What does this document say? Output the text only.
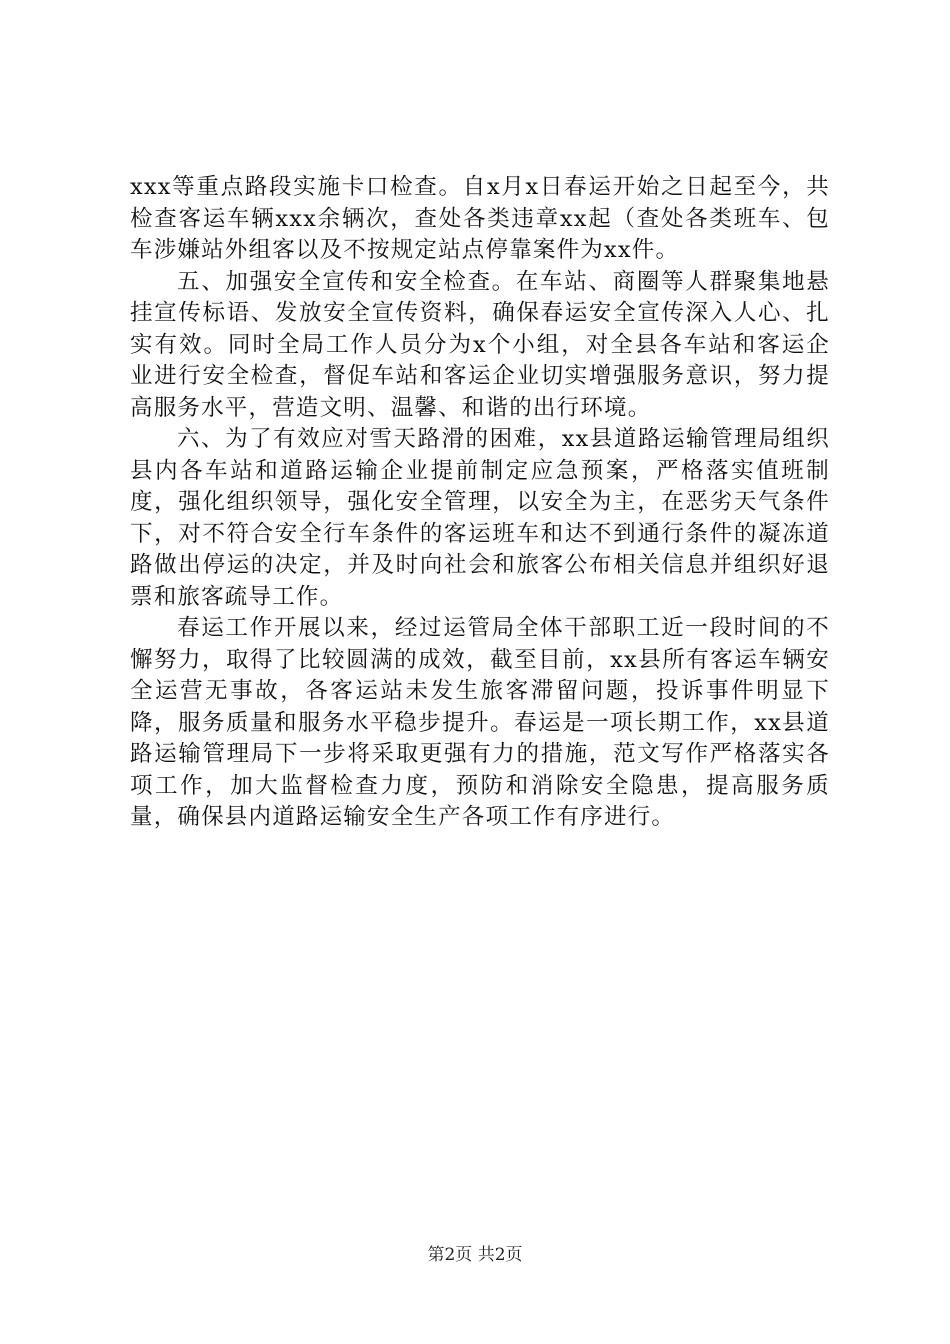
xxx等重点路段实施卡口检查。自x月x日春运开始之日起至今，共检查客运车辆xxx余辆次，查处各类违章xx起（查处各类班车、包车涉嫌站外组客以及不按规定站点停靠案件为xx件。

五、加强安全宣传和安全检查。在车站、商圈等人群聚集地悬挂宣传标语、发放安全宣传资料，确保春运安全宣传深入人心、扎实有效。同时全局工作人员分为x个小组，对全县各车站和客运企业进行安全检查，督促车站和客运企业切实增强服务意识，努力提高服务水平，营造文明、温馨、和谐的出行环境。

六、为了有效应对雪天路滑的困难，xx县道路运输管理局组织县内各车站和道路运输企业提前制定应急预案，严格落实值班制度，强化组织领导，强化安全管理，以安全为主，在恶劣天气条件下，对不符合安全行车条件的客运班车和达不到通行条件的凝冻道路做出停运的决定，并及时向社会和旅客公布相关信息并组织好退票和旅客疏导工作。

春运工作开展以来，经过运管局全体干部职工近一段时间的不懈努力，取得了比较圆满的成效，截至目前，xx县所有客运车辆安全运营无事故，各客运站未发生旅客滞留问题，投诉事件明显下降，服务质量和服务水平稳步提升。春运是一项长期工作，xx县道路运输管理局下一步将采取更强有力的措施，范文写作严格落实各项工作，加大监督检查力度，预防和消除安全隐患，提高服务质量，确保县内道路运输安全生产各项工作有序进行。

第2页 共2页
